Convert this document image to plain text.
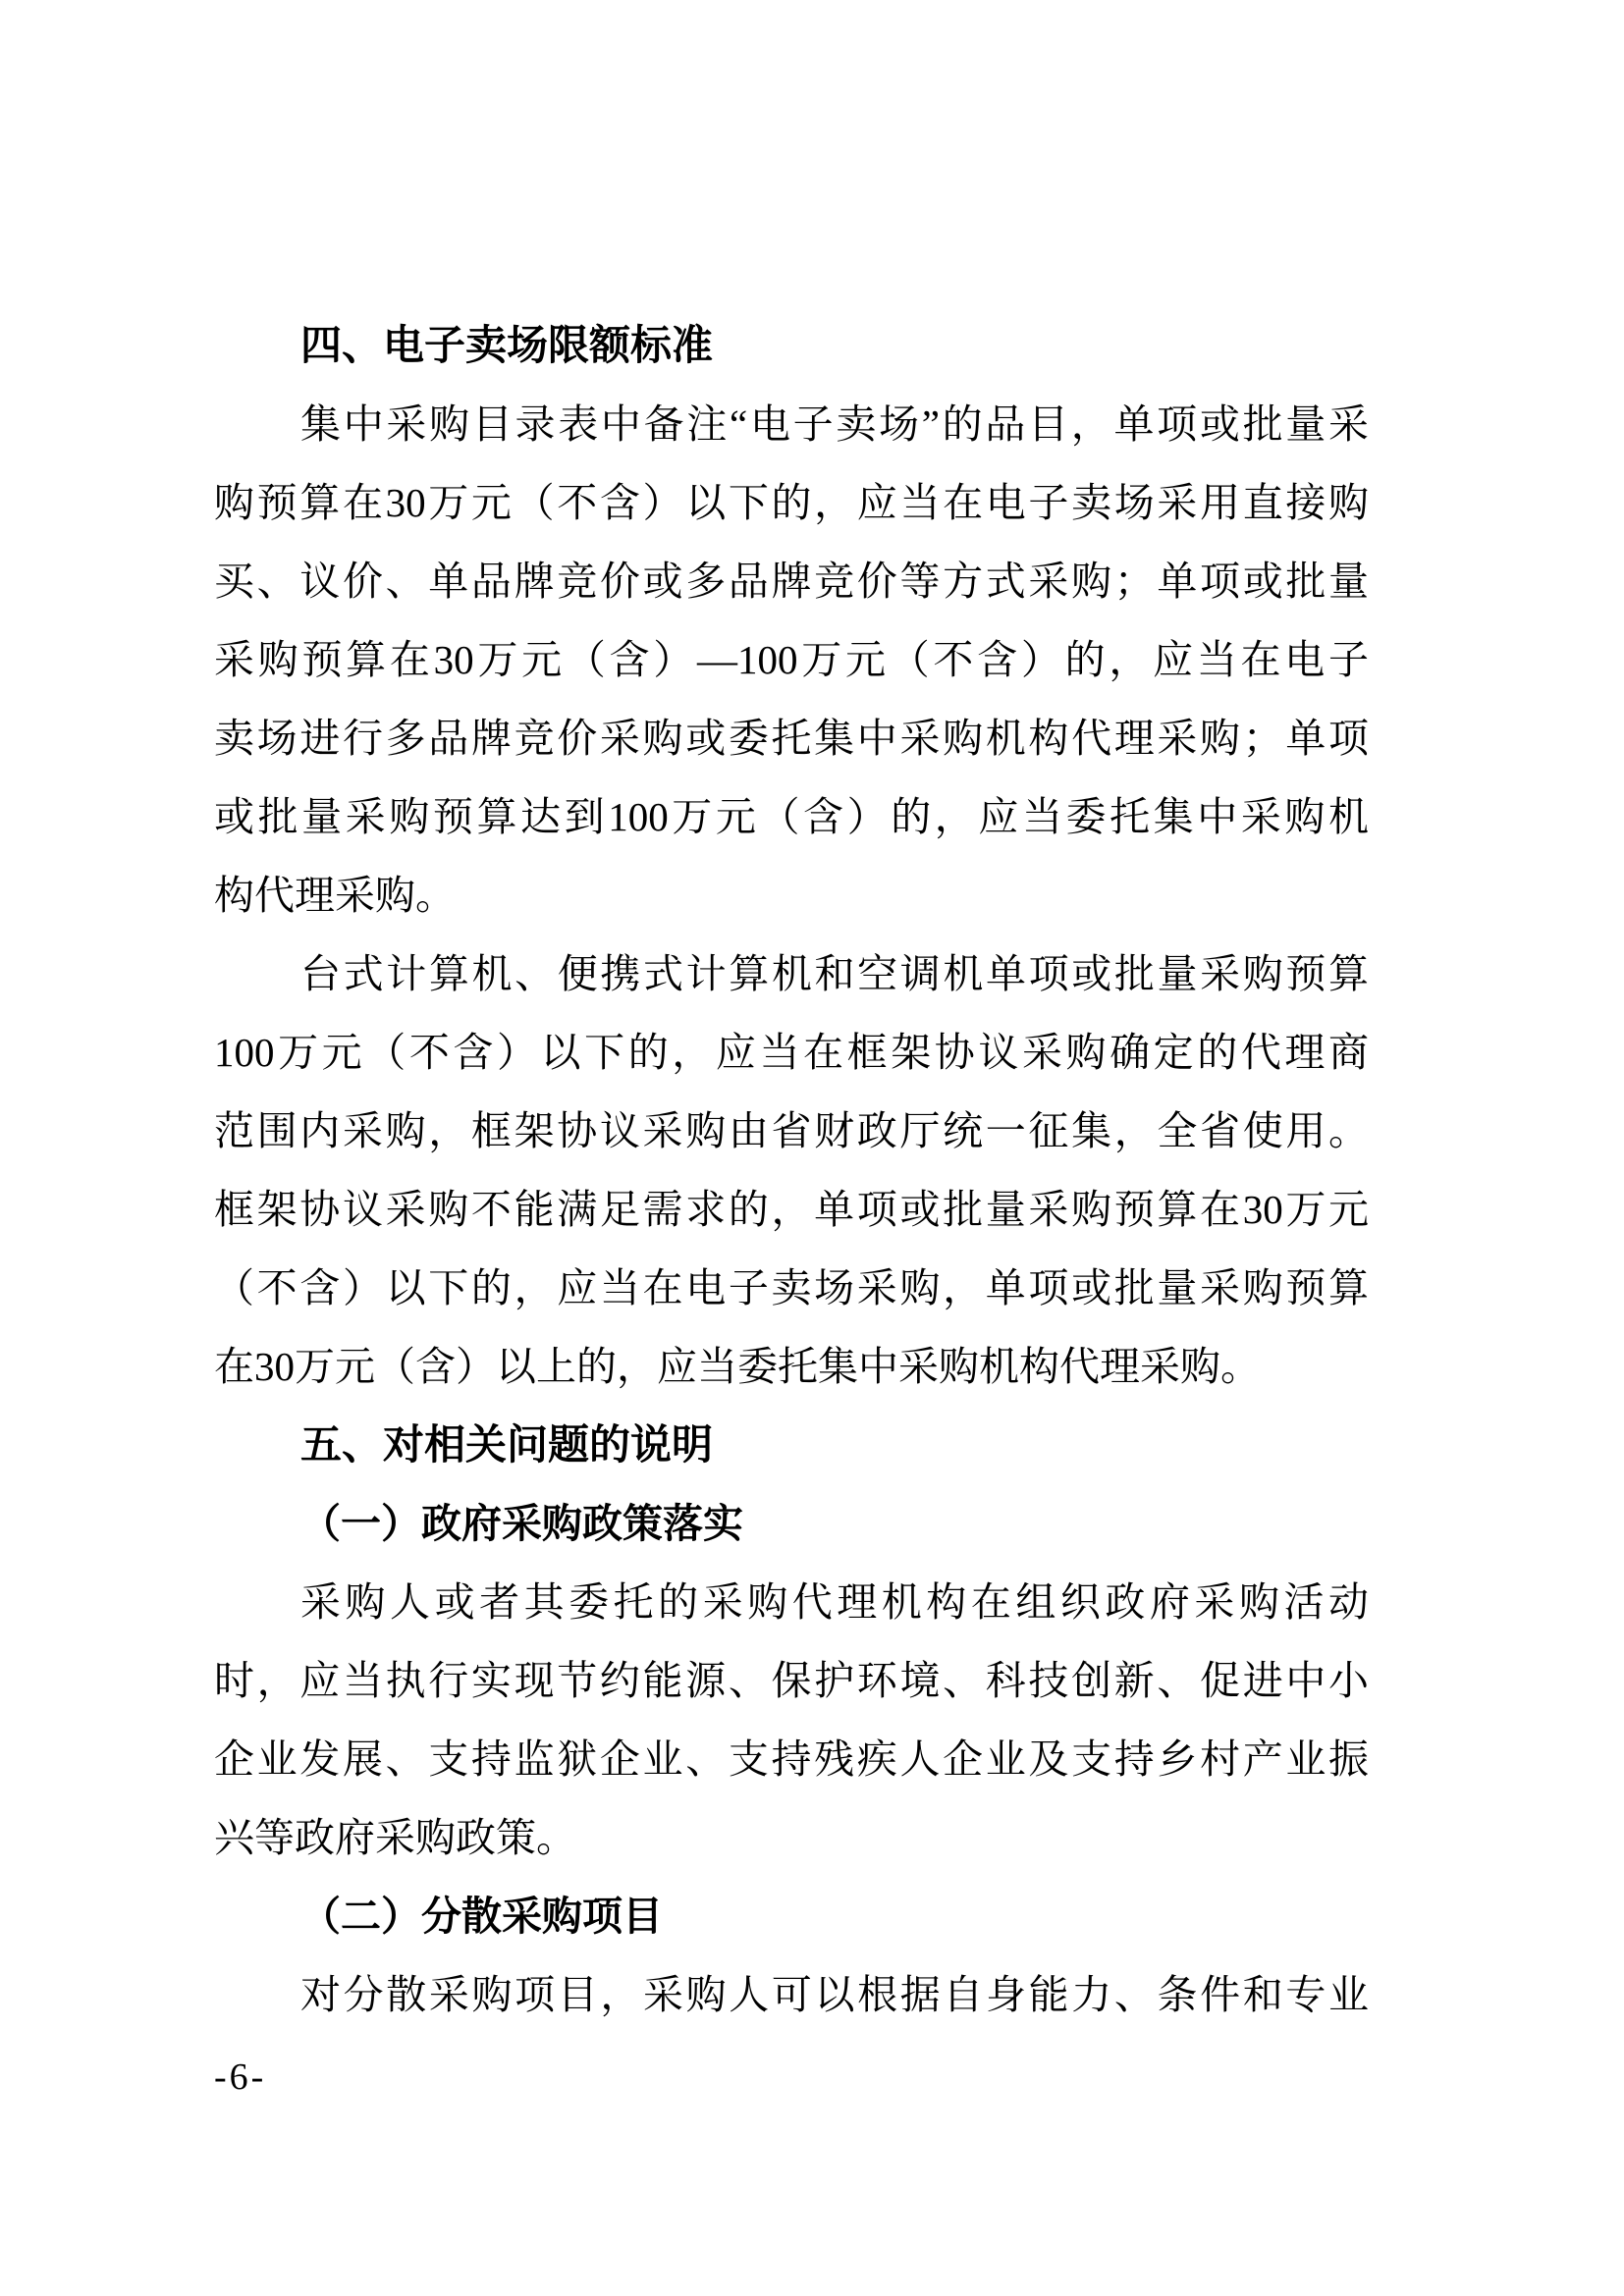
四、电子卖场限额标准
集中采购目录表中备注“电子卖场”的品目，单项或批量采
购预算在30万元（不含）以下的，应当在电子卖场采用直接购
买、议价、单品牌竞价或多品牌竞价等方式采购；单项或批量
采购预算在30万元（含）—100万元（不含）的，应当在电子
卖场进行多品牌竞价采购或委托集中采购机构代理采购；单项
或批量采购预算达到100万元（含）的，应当委托集中采购机
构代理采购。
台式计算机、便携式计算机和空调机单项或批量采购预算
100万元（不含）以下的，应当在框架协议采购确定的代理商
范围内采购，框架协议采购由省财政厅统一征集，全省使用。
框架协议采购不能满足需求的，单项或批量采购预算在30万元
（不含）以下的，应当在电子卖场采购，单项或批量采购预算
在30万元（含）以上的，应当委托集中采购机构代理采购。
五、对相关问题的说明
（一）政府采购政策落实
采购人或者其委托的采购代理机构在组织政府采购活动
时，应当执行实现节约能源、保护环境、科技创新、促进中小
企业发展、支持监狱企业、支持残疾人企业及支持乡村产业振
兴等政府采购政策。
（二）分散采购项目
对分散采购项目，采购人可以根据自身能力、条件和专业
-6-
